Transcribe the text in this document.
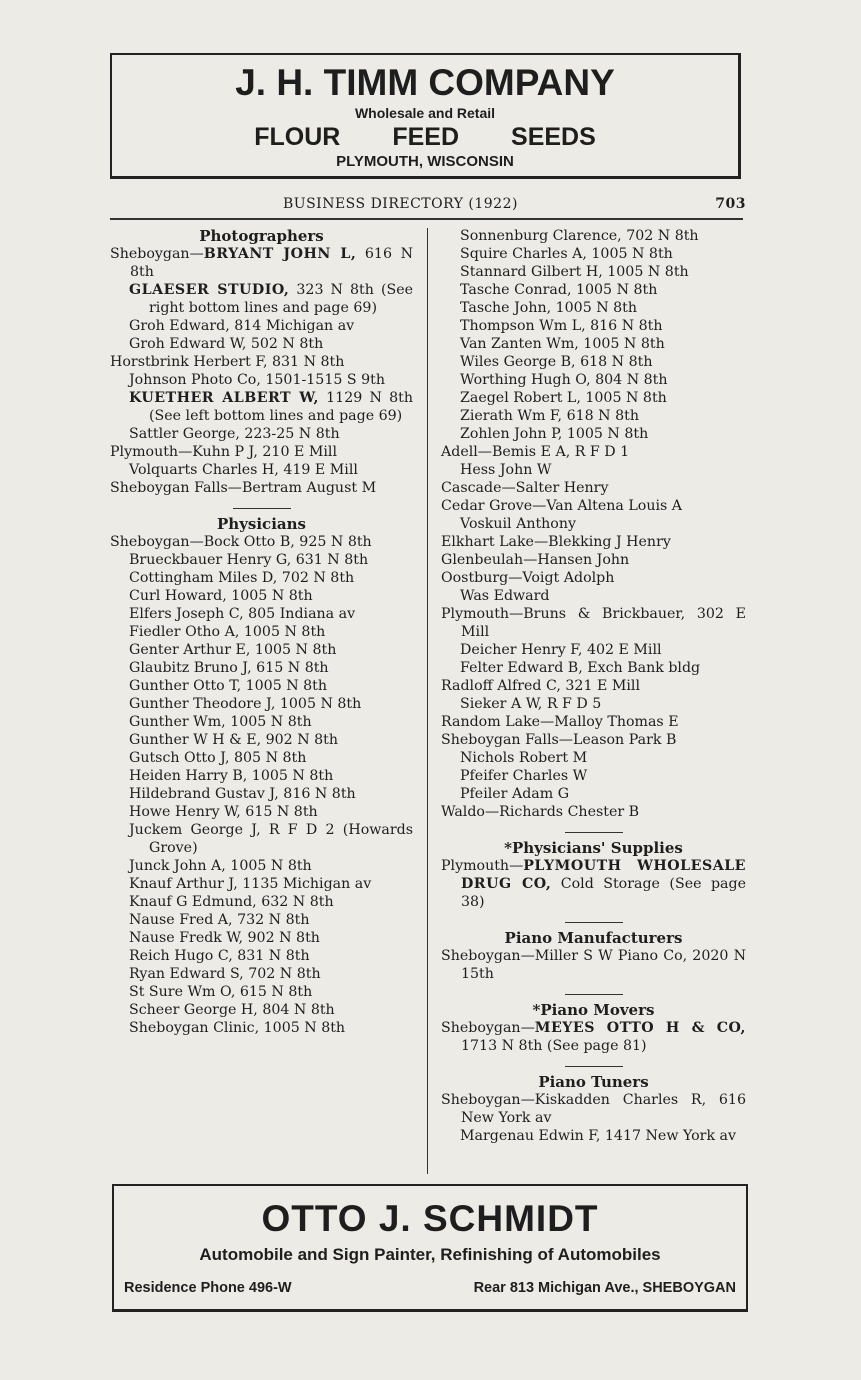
J. H. TIMM COMPANY
Wholesale and Retail
FLOUR FEED SEEDS
PLYMOUTH, WISCONSIN
BUSINESS DIRECTORY (1922)	703

Photographers

Sheboygan—BRYANT JOHN L, 616 N 8th

GLAESER STUDIO, 323 N 8th (See right bottom lines and page 69)

Groh Edward, 814 Michigan av

Groh Edward W, 502 N 8th

Horstbrink Herbert F, 831 N 8th

Johnson Photo Co, 1501-1515 S 9th

KUETHER ALBERT W, 1129 N 8th (See left bottom lines and page 69)

Sattler George, 223-25 N 8th

Plymouth—Kuhn P J, 210 E Mill

Volquarts Charles H, 419 E Mill

Sheboygan Falls—Bertram August M

Physicians

Sheboygan—Bock Otto B, 925 N 8th

Brueckbauer Henry G, 631 N 8th

Cottingham Miles D, 702 N 8th

Curl Howard, 1005 N 8th

Elfers Joseph C, 805 Indiana av

Fiedler Otho A, 1005 N 8th

Genter Arthur E, 1005 N 8th

Glaubitz Bruno J, 615 N 8th

Gunther Otto T, 1005 N 8th

Gunther Theodore J, 1005 N 8th

Gunther Wm, 1005 N 8th

Gunther W H & E, 902 N 8th

Gutsch Otto J, 805 N 8th

Heiden Harry B, 1005 N 8th

Hildebrand Gustav J, 816 N 8th

Howe Henry W, 615 N 8th

Juckem George J, R F D 2 (Howards Grove)

Junck John A, 1005 N 8th

Knauf Arthur J, 1135 Michigan av

Knauf G Edmund, 632 N 8th

Nause Fred A, 732 N 8th

Nause Fredk W, 902 N 8th

Reich Hugo C, 831 N 8th

Ryan Edward S, 702 N 8th

St Sure Wm O, 615 N 8th

Scheer George H, 804 N 8th

Sheboygan Clinic, 1005 N 8th

Sonnenburg Clarence, 702 N 8th

Squire Charles A, 1005 N 8th

Stannard Gilbert H, 1005 N 8th

Tasche Conrad, 1005 N 8th

Tasche John, 1005 N 8th

Thompson Wm L, 816 N 8th

Van Zanten Wm, 1005 N 8th

Wiles George B, 618 N 8th

Worthing Hugh O, 804 N 8th

Zaegel Robert L, 1005 N 8th

Zierath Wm F, 618 N 8th

Zohlen John P, 1005 N 8th

Adell—Bemis E A, R F D 1

Hess John W

Cascade—Salter Henry

Cedar Grove—Van Altena Louis A

Voskuil Anthony

Elkhart Lake—Blekking J Henry

Glenbeulah—Hansen John

Oostburg—Voigt Adolph

Was Edward

Plymouth—Bruns & Brickbauer, 302 E Mill

Deicher Henry F, 402 E Mill

Felter Edward B, Exch Bank bldg

Radloff Alfred C, 321 E Mill

Sieker A W, R F D 5

Random Lake—Malloy Thomas E

Sheboygan Falls—Leason Park B

Nichols Robert M

Pfeifer Charles W

Pfeiler Adam G

Waldo—Richards Chester B

*Physicians' Supplies

Plymouth—PLYMOUTH WHOLESALE DRUG CO, Cold Storage (See page 38)

Piano Manufacturers

Sheboygan—Miller S W Piano Co, 2020 N 15th

*Piano Movers

Sheboygan—MEYES OTTO H & CO, 1713 N 8th (See page 81)

Piano Tuners

Sheboygan—Kiskadden Charles R, 616 New York av

Margenau Edwin F, 1417 New York av

OTTO J. SCHMIDT
Automobile and Sign Painter, Refinishing of Automobiles
Residence Phone 496-W	Rear 813 Michigan Ave., SHEBOYGAN
